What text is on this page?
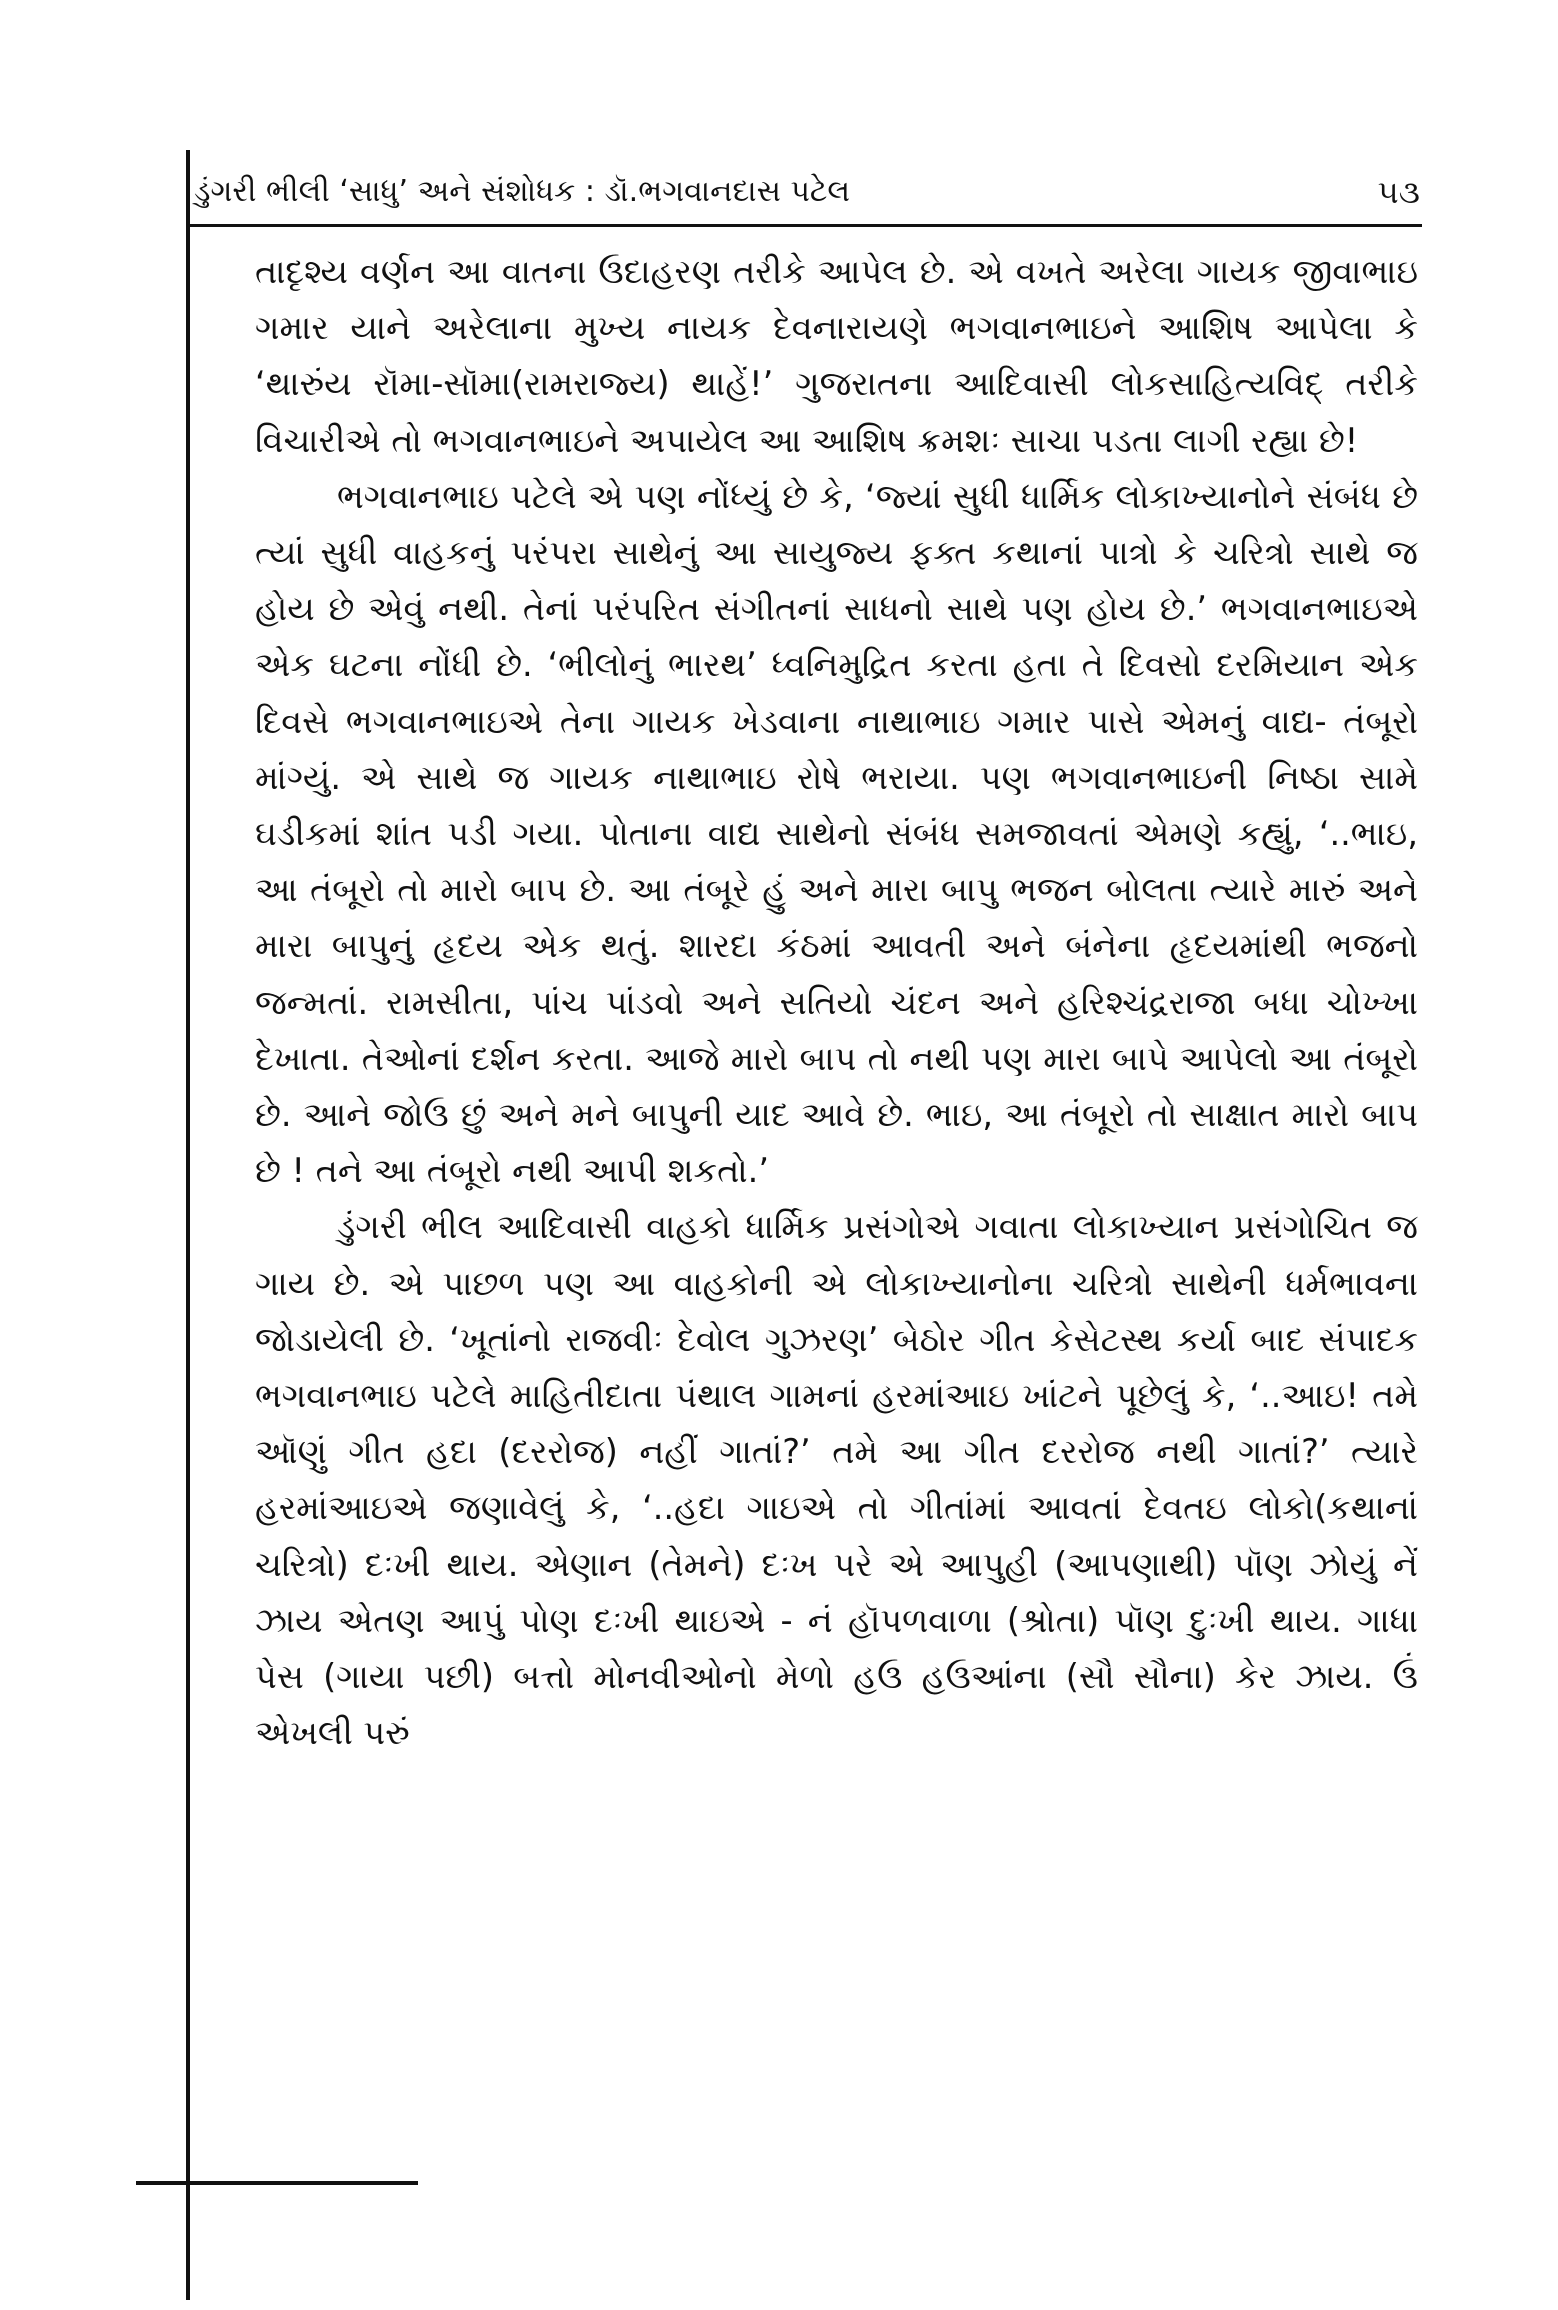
ડુંગરી ભીલી ‘સાધુ’ અને સંશોધક : ડૉ.ભગવાનદાસ પટેલ	૫૩

તાદૃશ્ય વર્ણન આ વાતના ઉદાહરણ તરીકે આપેલ છે. એ વખતે અરેલા ગાયક જીવાભાઇ ગમાર યાને અરેલાના મુખ્ય નાયક દેવનારાયણે ભગવાનભાઇને આશિષ આપેલા કે ‘થારુંય રૉમા-સૉમા(રામરાજ્ય) થાહેં!’ ગુજરાતના આદિવાસી લોકસાહિત્યવિદ્ તરીકે વિચારીએ તો ભગવાનભાઇને અપાયેલ આ આશિષ ક્રમશઃ સાચા પડતા લાગી રહ્યા છે!

ભગવાનભાઇ પટેલે એ પણ નોંધ્યું છે કે, ‘જ્યાં સુધી ધાર્મિક લોકાખ્યાનોને સંબંધ છે ત્યાં સુધી વાહકનું પરંપરા સાથેનું આ સાયુજ્ય ફક્ત કથાનાં પાત્રો કે ચરિત્રો સાથે જ હોય છે એવું નથી. તેનાં પરંપરિત સંગીતનાં સાધનો સાથે પણ હોય છે.’ ભગવાનભાઇએ એક ઘટના નોંધી છે. ‘ભીલોનું ભારથ’ ધ્વનિમુદ્રિત કરતા હતા તે દિવસો દરમિયાન એક દિવસે ભગવાનભાઇએ તેના ગાયક ખેડવાના નાથાભાઇ ગમાર પાસે એમનું વાદ્ય- તંબૂરો માંગ્યું. એ સાથે જ ગાયક નાથાભાઇ રોષે ભરાયા. પણ ભગવાનભાઇની નિષ્ઠા સામે ઘડીકમાં શાંત પડી ગયા. પોતાના વાદ્ય સાથેનો સંબંધ સમજાવતાં એમણે કહ્યું, ‘..ભાઇ, આ તંબૂરો તો મારો બાપ છે. આ તંબૂરે હું અને મારા બાપુ ભજન બોલતા ત્યારે મારું અને મારા બાપુનું હૃદય એક થતું. શારદા કંઠમાં આવતી અને બંનેના હૃદયમાંથી ભજનો જન્મતાં. રામસીતા, પાંચ પાંડવો અને સતિયો ચંદન અને હરિશ્ચંદ્રરાજા બધા ચોખ્ખા દેખાતા. તેઓનાં દર્શન કરતા. આજે મારો બાપ તો નથી પણ મારા બાપે આપેલો આ તંબૂરો છે. આને જોઉ છું અને મને બાપુની યાદ આવે છે. ભાઇ, આ તંબૂરો તો સાક્ષાત મારો બાપ છે ! તને આ તંબૂરો નથી આપી શકતો.’

ડુંગરી ભીલ આદિવાસી વાહકો ધાર્મિક પ્રસંગોએ ગવાતા લોકાખ્યાન પ્રસંગોચિત જ ગાય છે. એ પાછળ પણ આ વાહકોની એ લોકાખ્યાનોના ચરિત્રો સાથેની ધર્મભાવના જોડાયેલી છે. ‘ખૂતાંનો રાજવીઃ દેવોલ ગુઝરણ’ બેઠોર ગીત કેસેટસ્થ કર્યા બાદ સંપાદક ભગવાનભાઇ પટેલે માહિતીદાતા પંથાલ ગામનાં હરમાંઆઇ ખાંટને પૂછેલું કે, ‘..આઇ! તમે ઑણું ગીત હદા (દરરોજ) નહીં ગાતાં?’ તમે આ ગીત દરરોજ નથી ગાતાં?’ ત્યારે હરમાંઆઇએ જણાવેલું કે, ‘..હદા ગાઇએ તો ગીતાંમાં આવતાં દેવતઇ લોકો(કથાનાં ચરિત્રો) દઃખી થાય. એણાન (તેમને) દઃખ પરે એ આપુહી (આપણાથી) પૉણ ઝોયું નેં ઝાય એતણ આપું પોણ દઃખી થાઇએ - નં હૉપળવાળા (શ્રોતા) પૉણ દુઃખી થાય. ગાધા પેસ (ગાયા પછી) બત્તો મોનવીઓનો મેળો હઉ હઉઆંના (સૌ સૌના) કેર ઝાય. ઉં એખલી પરું
